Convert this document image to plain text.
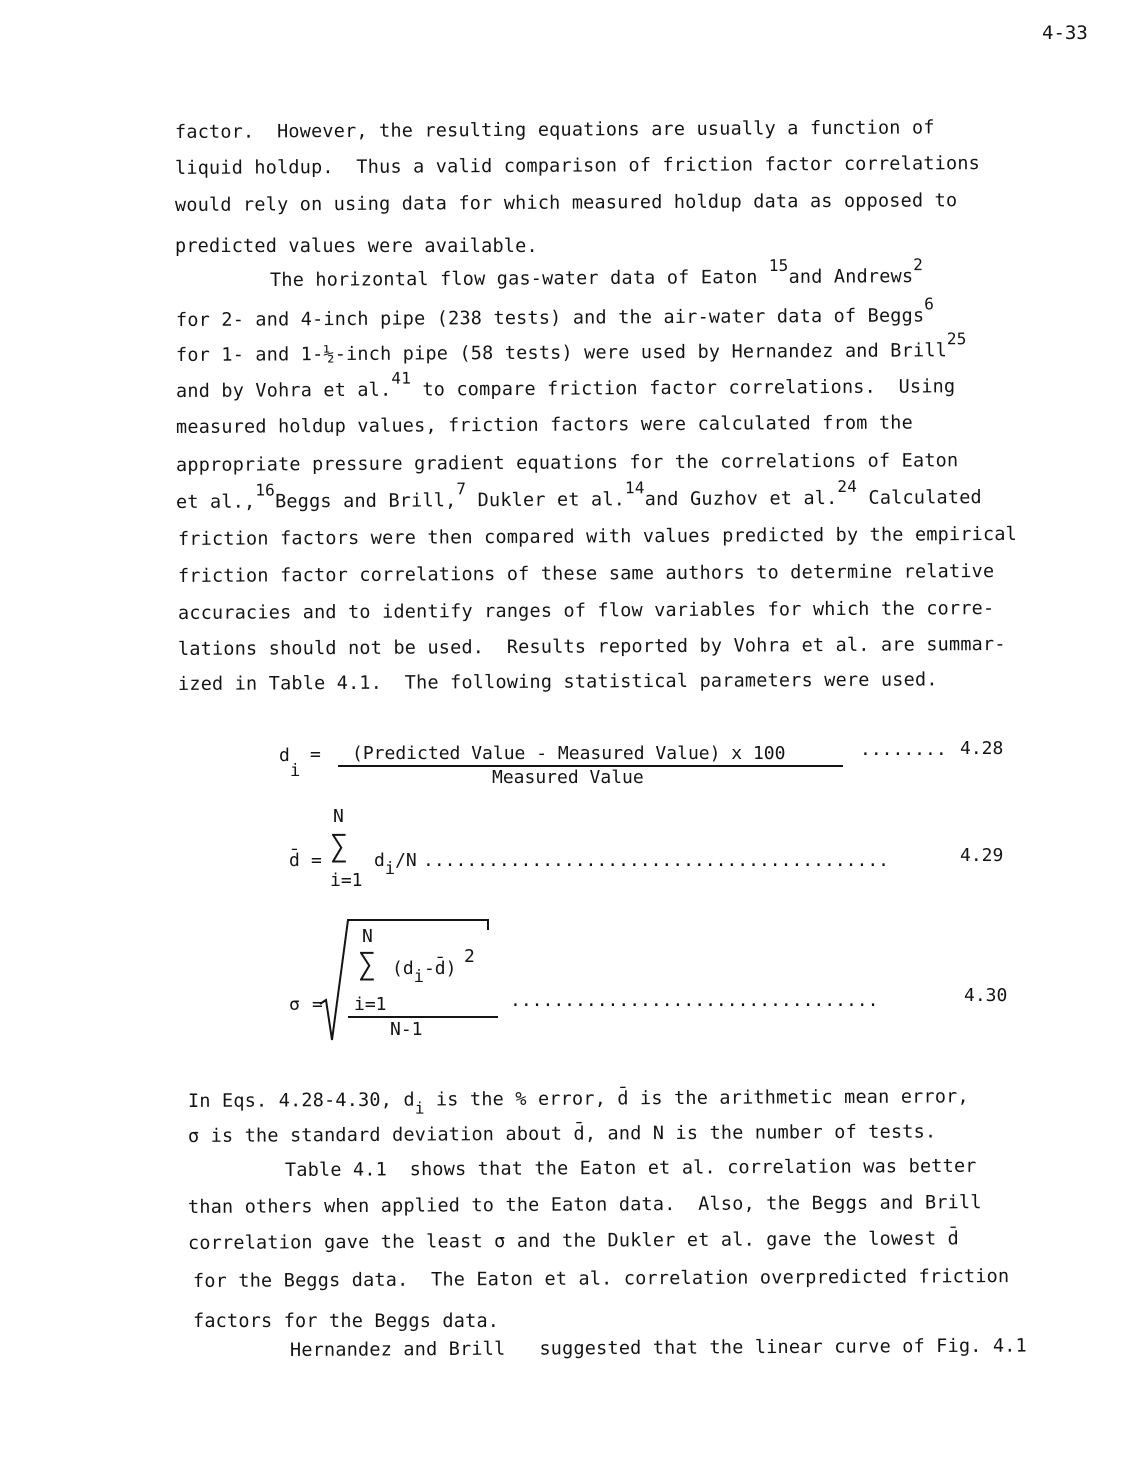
4-33
factor.  However, the resulting equations are usually a function of
liquid holdup.  Thus a valid comparison of friction factor correlations
would rely on using data for which measured holdup data as opposed to
predicted values were available.
The horizontal flow gas-water data of Eaton $^{15}$and Andrews$^2$
for 2- and 4-inch pipe (238 tests) and the air-water data of Beggs$^6$
for 1- and 1-½-inch pipe (58 tests) were used by Hernandez and Brill$^{25}$
and by Vohra et al.$^{41}$ to compare friction factor correlations.  Using
measured holdup values, friction factors were calculated from the
appropriate pressure gradient equations for the correlations of Eaton
et al.,$^{16}$Beggs and Brill,$^7$ Dukler et al.$^{14}$and Guzhov et al.$^{24}$ Calculated
friction factors were then compared with values predicted by the empirical
friction factor correlations of these same authors to determine relative
accuracies and to identify ranges of flow variables for which the corre-
lations should not be used.  Results reported by Vohra et al. are summar-
ized in Table 4.1.  The following statistical parameters were used.
d
i
= (Predicted Value - Measured Value) x 100
Measured Value
........ 4.28
N
∑
i=1
d̄ =	di/N ...........................................	4.29
σ =
N
∑ (di-d̄)
2
i=1
N-1
..................................	4.30
In Eqs. 4.28-4.30, di is the % error, d̄ is the arithmetic mean error,
σ is the standard deviation about d̄, and N is the number of tests.
Table 4.1  shows that the Eaton et al. correlation was better
than others when applied to the Eaton data.  Also, the Beggs and Brill
correlation gave the least σ and the Dukler et al. gave the lowest d̄
for the Beggs data.  The Eaton et al. correlation overpredicted friction
factors for the Beggs data.
Hernandez and Brill   suggested that the linear curve of Fig. 4.1
